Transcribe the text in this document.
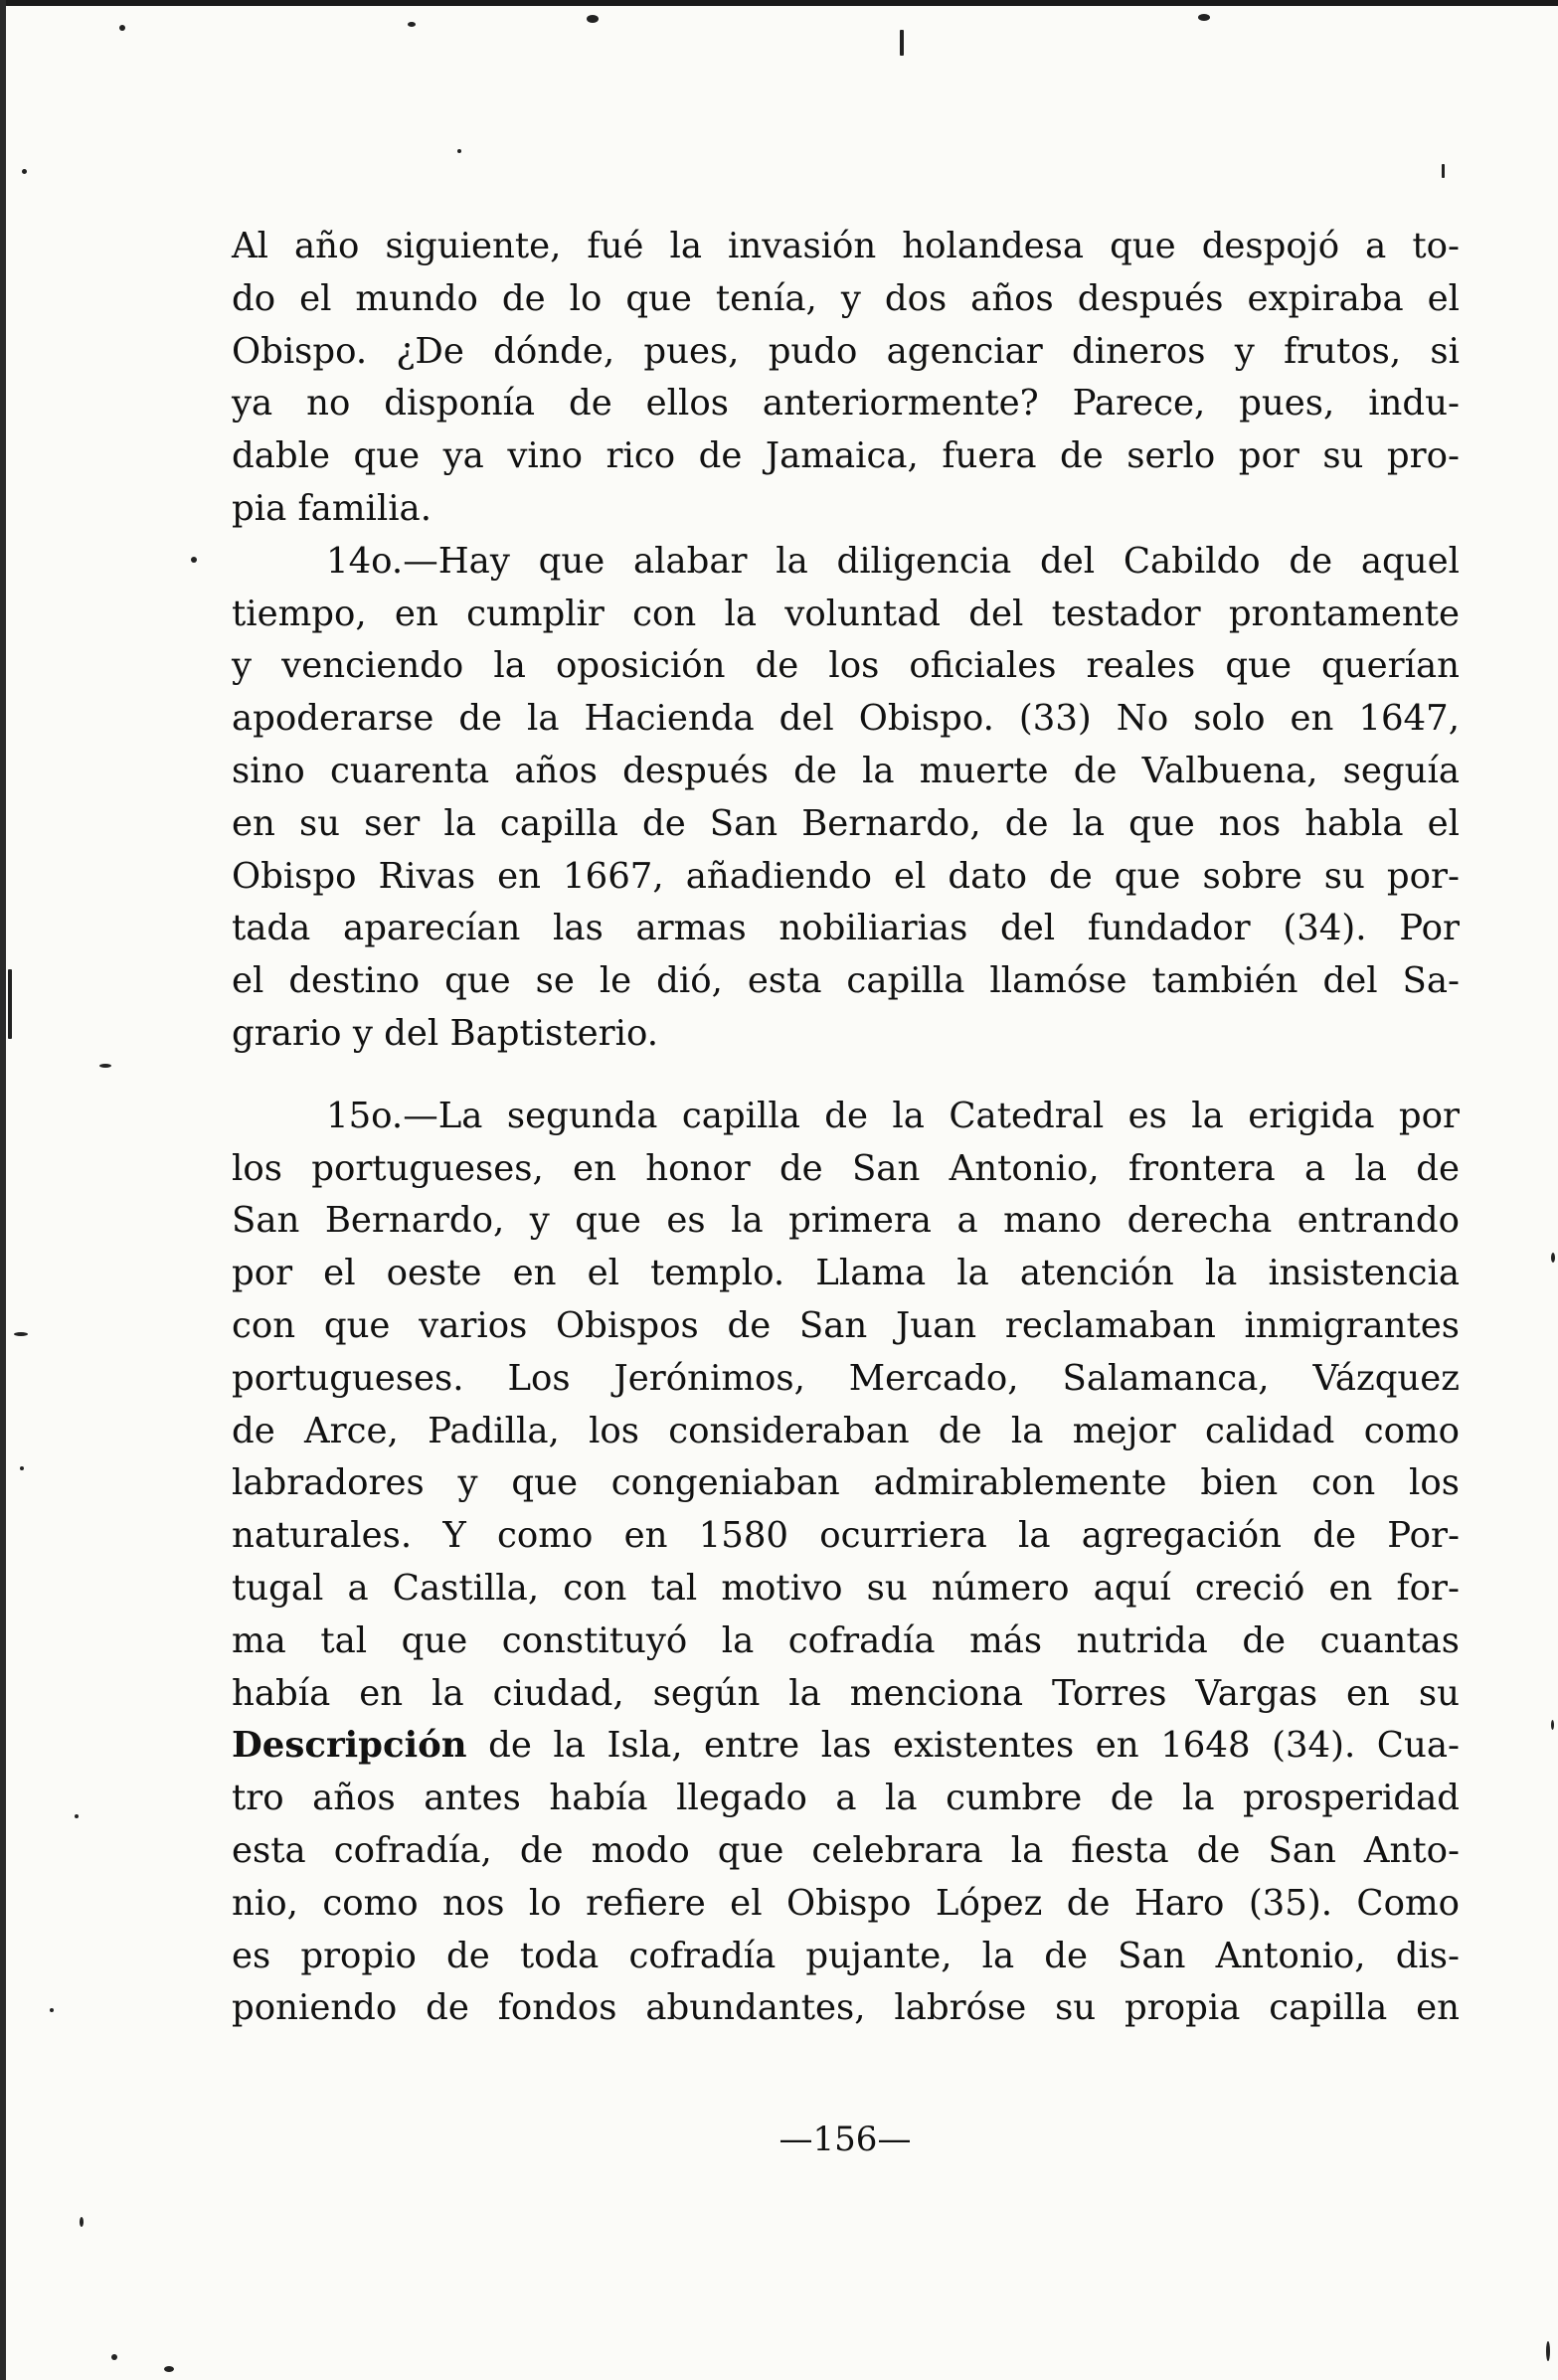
Al año siguiente, fué la invasión holandesa que despojó a to-
do el mundo de lo que tenía, y dos años después expiraba el
Obispo. ¿De dónde, pues, pudo agenciar dineros y frutos, si
ya no disponía de ellos anteriormente? Parece, pues, indu-
dable que ya vino rico de Jamaica, fuera de serlo por su pro-
pia familia.

14o.—Hay que alabar la diligencia del Cabildo de aquel
tiempo, en cumplir con la voluntad del testador prontamente
y venciendo la oposición de los oficiales reales que querían
apoderarse de la Hacienda del Obispo. (33) No solo en 1647,
sino cuarenta años después de la muerte de Valbuena, seguía
en su ser la capilla de San Bernardo, de la que nos habla el
Obispo Rivas en 1667, añadiendo el dato de que sobre su por-
tada aparecían las armas nobiliarias del fundador (34). Por
el destino que se le dió, esta capilla llamóse también del Sa-
grario y del Baptisterio.

15o.—La segunda capilla de la Catedral es la erigida por
los portugueses, en honor de San Antonio, frontera a la de
San Bernardo, y que es la primera a mano derecha entrando
por el oeste en el templo. Llama la atención la insistencia
con que varios Obispos de San Juan reclamaban inmigrantes
portugueses. Los Jerónimos, Mercado, Salamanca, Vázquez
de Arce, Padilla, los consideraban de la mejor calidad como
labradores y que congeniaban admirablemente bien con los
naturales. Y como en 1580 ocurriera la agregación de Por-
tugal a Castilla, con tal motivo su número aquí creció en for-
ma tal que constituyó la cofradía más nutrida de cuantas
había en la ciudad, según la menciona Torres Vargas en su
Descripción de la Isla, entre las existentes en 1648 (34). Cua-
tro años antes había llegado a la cumbre de la prosperidad
esta cofradía, de modo que celebrara la fiesta de San Anto-
nio, como nos lo refiere el Obispo López de Haro (35). Como
es propio de toda cofradía pujante, la de San Antonio, dis-
poniendo de fondos abundantes, labróse su propia capilla en

—156—
